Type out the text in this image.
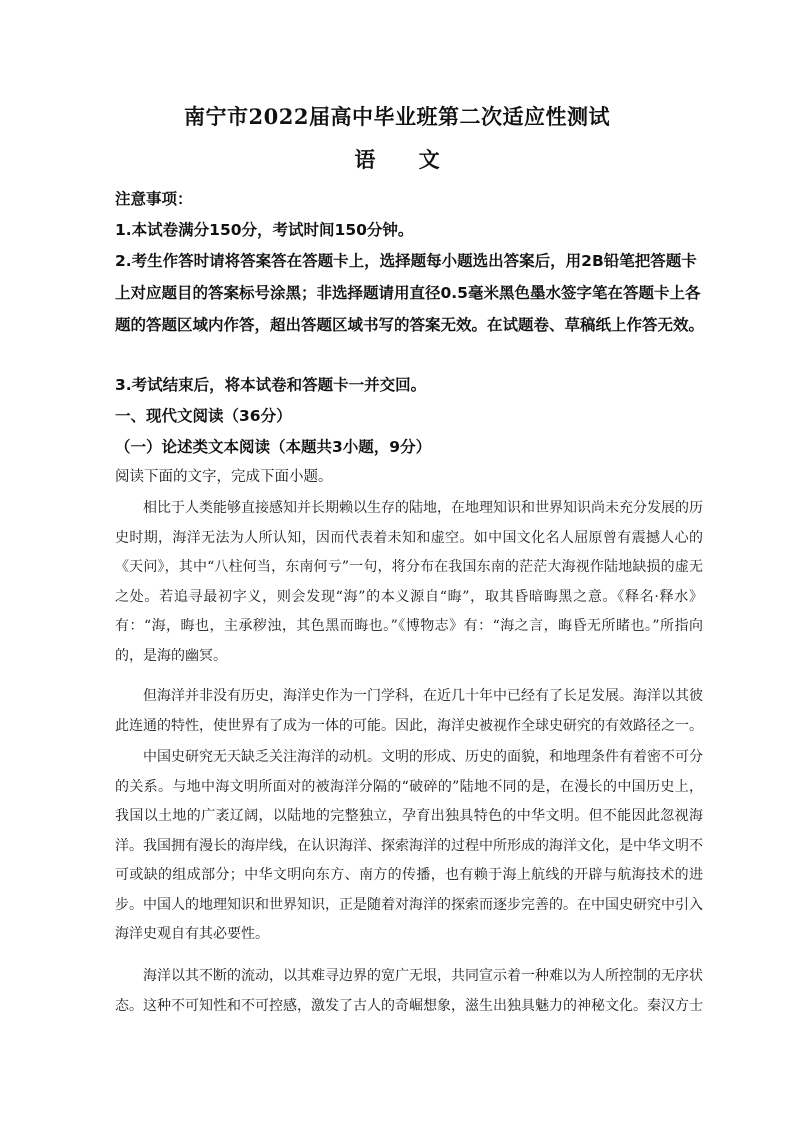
南宁市2022届高中毕业班第二次适应性测试
语 文

注意事项：

1.本试卷满分150分，考试时间150分钟。

2.考生作答时请将答案答在答题卡上，选择题每小题选出答案后，用2B铅笔把答题卡上对应题目的答案标号涂黑；非选择题请用直径0.5毫米黑色墨水签字笔在答题卡上各题的答题区域内作答，超出答题区域书写的答案无效。在试题卷、草稿纸上作答无效。

3.考试结束后，将本试卷和答题卡一并交回。

一、现代文阅读（36分）

（一）论述类文本阅读（本题共3小题，9分）

阅读下面的文字，完成下面小题。

相比于人类能够直接感知并长期赖以生存的陆地，在地理知识和世界知识尚未充分发展的历史时期，海洋无法为人所认知，因而代表着未知和虚空。如中国文化名人屈原曾有震撼人心的《天问》，其中“八柱何当，东南何亏”一句，将分布在我国东南的茫茫大海视作陆地缺损的虚无之处。若追寻最初字义，则会发现“海”的本义源自“晦”，取其昏暗晦黑之意。《释名·释水》有：“海，晦也，主承秽浊，其色黑而晦也。”《博物志》有：“海之言，晦昏无所睹也。”所指向的，是海的幽冥。

但海洋并非没有历史，海洋史作为一门学科，在近几十年中已经有了长足发展。海洋以其彼此连通的特性，使世界有了成为一体的可能。因此，海洋史被视作全球史研究的有效路径之一。

中国史研究无天缺乏关注海洋的动机。文明的形成、历史的面貌，和地理条件有着密不可分的关系。与地中海文明所面对的被海洋分隔的“破碎的”陆地不同的是，在漫长的中国历史上，我国以土地的广袤辽阔，以陆地的完整独立，孕育出独具特色的中华文明。但不能因此忽视海洋。我国拥有漫长的海岸线，在认识海洋、探索海洋的过程中所形成的海洋文化，是中华文明不可或缺的组成部分；中华文明向东方、南方的传播，也有赖于海上航线的开辟与航海技术的进步。中国人的地理知识和世界知识，正是随着对海洋的探索而逐步完善的。在中国史研究中引入海洋史观自有其必要性。

海洋以其不断的流动，以其难寻边界的宽广无垠，共同宣示着一种难以为人所控制的无序状态。这种不可知性和不可控感，激发了古人的奇崛想象，滋生出独具魅力的神秘文化。秦汉方士
